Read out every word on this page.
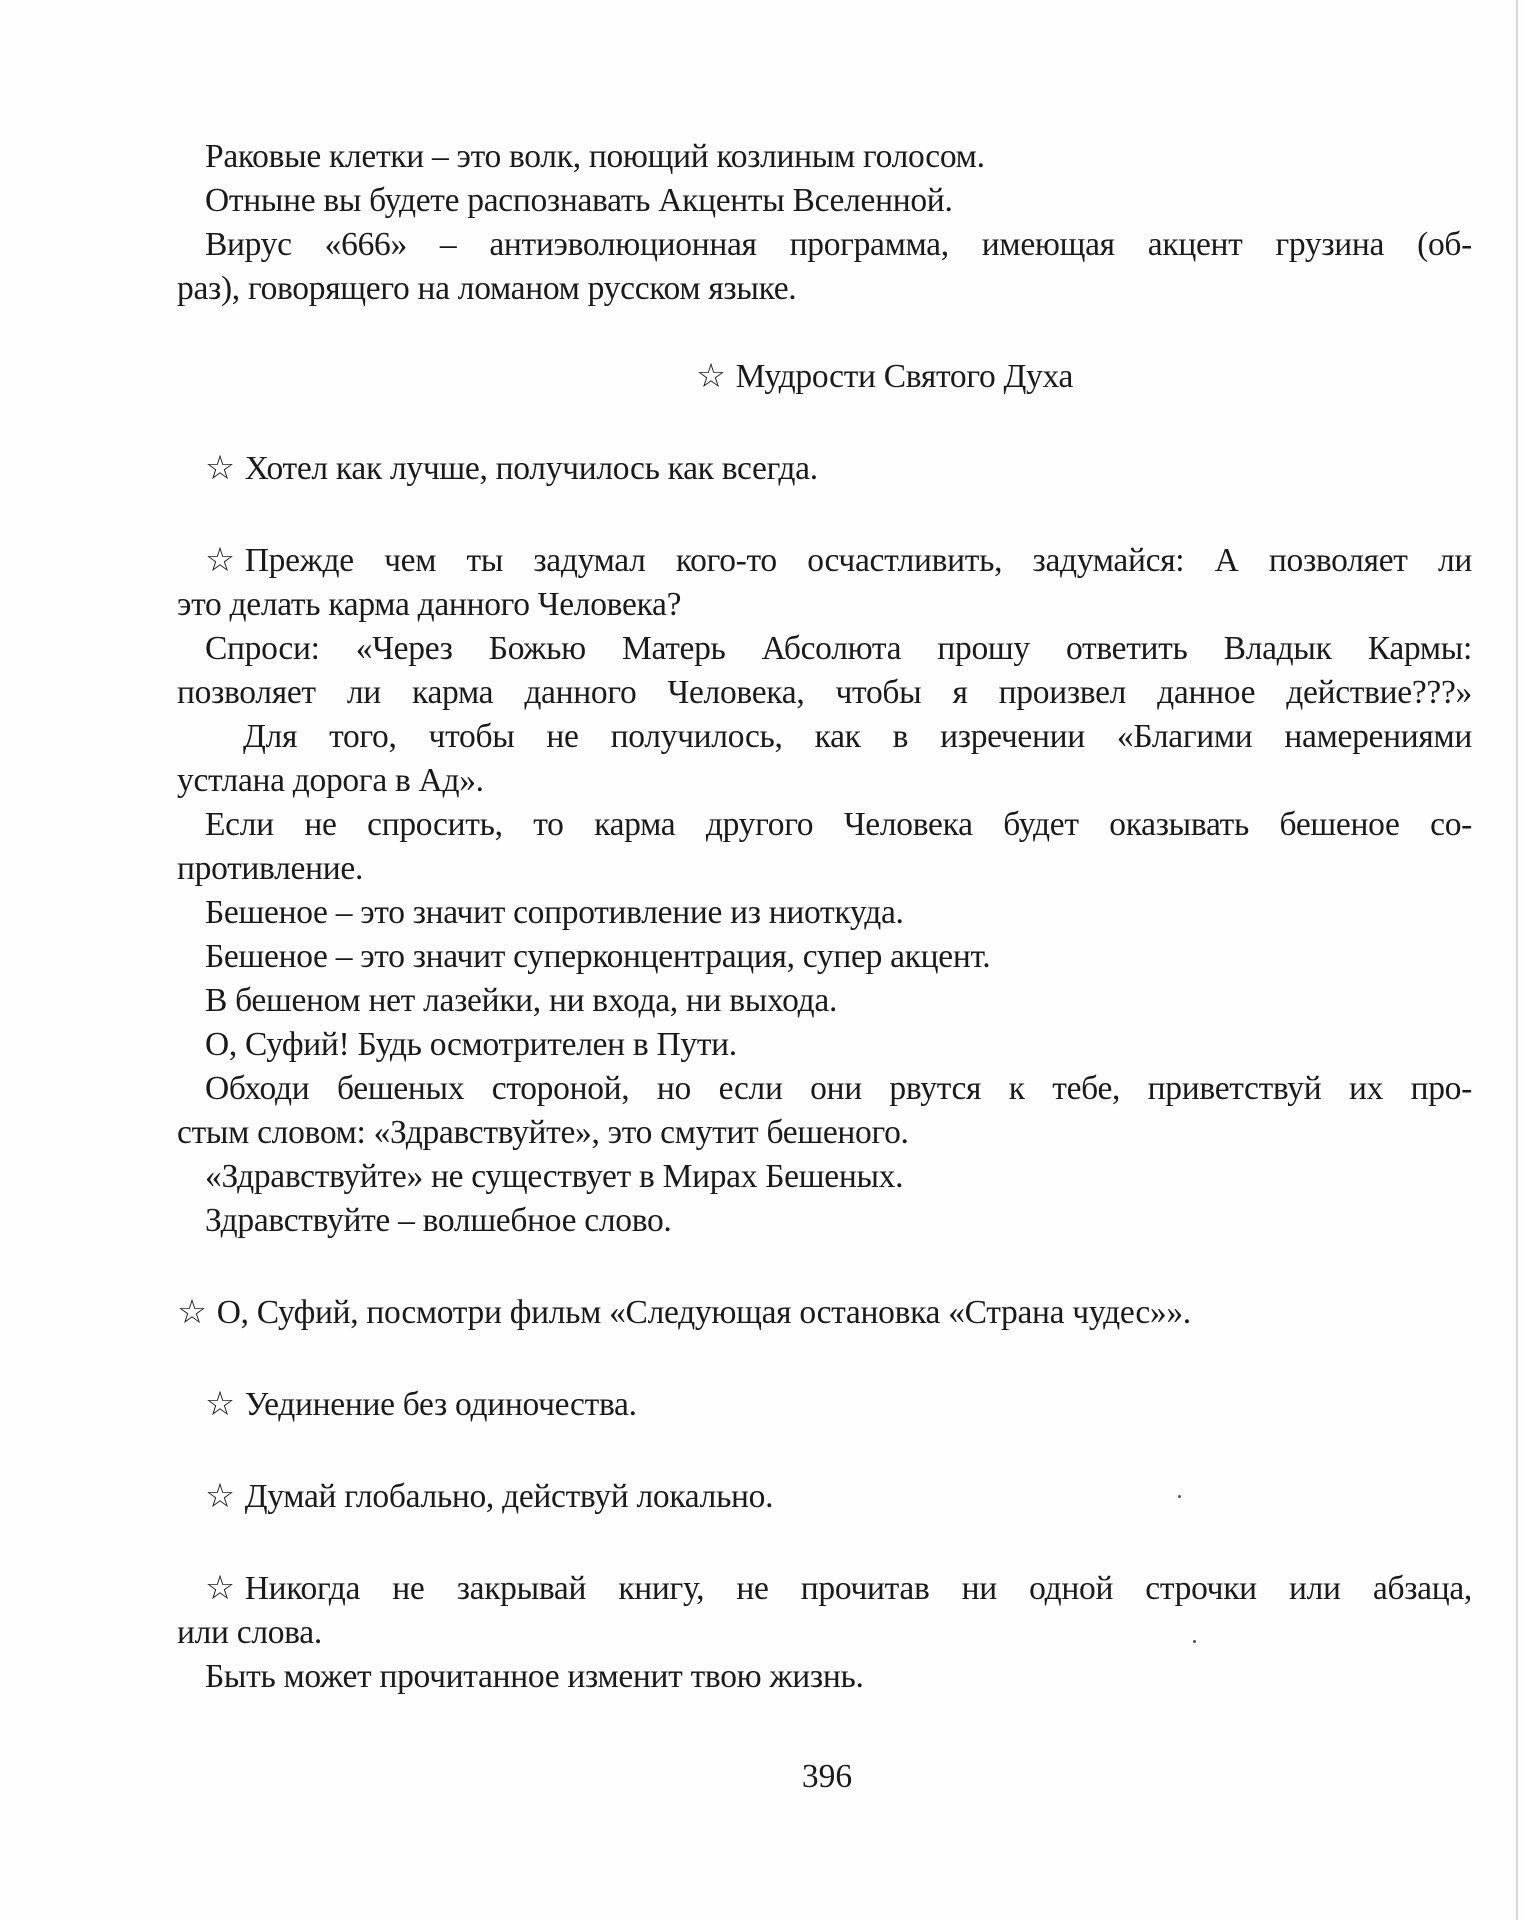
Раковые клетки – это волк, поющий козлиным голосом.
Отныне вы будете распознавать Акценты Вселенной.
Вирус «666» – антиэволюционная программа, имеющая акцент грузина (об-
раз), говорящего на ломаном русском языке.
☆ Мудрости Святого Духа
☆ Хотел как лучше, получилось как всегда.
☆ Прежде чем ты задумал кого-то осчастливить, задумайся: А позволяет ли
это делать карма данного Человека?
Спроси: «Через Божью Матерь Абсолюта прошу ответить Владык Кармы:
позволяет ли карма данного Человека, чтобы я произвел данное действие???»
Для того, чтобы не получилось, как в изречении «Благими намерениями
устлана дорога в Ад».
Если не спросить, то карма другого Человека будет оказывать бешеное со-
противление.
Бешеное – это значит сопротивление из ниоткуда.
Бешеное – это значит суперконцентрация, супер акцент.
В бешеном нет лазейки, ни входа, ни выхода.
О, Суфий! Будь осмотрителен в Пути.
Обходи бешеных стороной, но если они рвутся к тебе, приветствуй их про-
стым словом: «Здравствуйте», это смутит бешеного.
«Здравствуйте» не существует в Мирах Бешеных.
Здравствуйте – волшебное слово.
☆ О, Суфий, посмотри фильм «Следующая остановка «Страна чудес»».
☆ Уединение без одиночества.
☆ Думай глобально, действуй локально.
☆ Никогда не закрывай книгу, не прочитав ни одной строчки или абзаца,
или слова.
Быть может прочитанное изменит твою жизнь.
396
